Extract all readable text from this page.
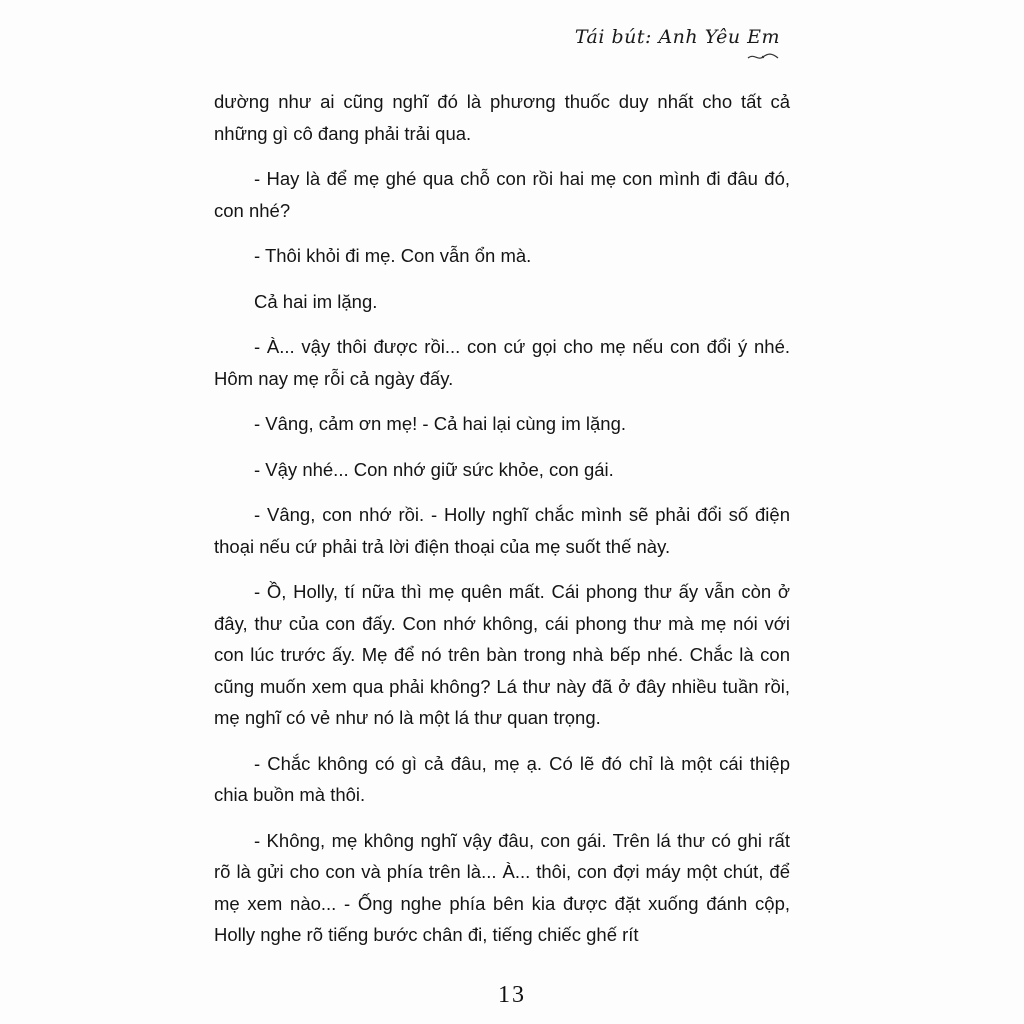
Tái bút: Anh Yêu Em

dường như ai cũng nghĩ đó là phương thuốc duy nhất cho tất cả những gì cô đang phải trải qua.

- Hay là để mẹ ghé qua chỗ con rồi hai mẹ con mình đi đâu đó, con nhé?

- Thôi khỏi đi mẹ. Con vẫn ổn mà.

Cả hai im lặng.

- À... vậy thôi được rồi... con cứ gọi cho mẹ nếu con đổi ý nhé. Hôm nay mẹ rỗi cả ngày đấy.

- Vâng, cảm ơn mẹ! - Cả hai lại cùng im lặng.

- Vậy nhé... Con nhớ giữ sức khỏe, con gái.

- Vâng, con nhớ rồi. - Holly nghĩ chắc mình sẽ phải đổi số điện thoại nếu cứ phải trả lời điện thoại của mẹ suốt thế này.

- Ồ, Holly, tí nữa thì mẹ quên mất. Cái phong thư ấy vẫn còn ở đây, thư của con đấy. Con nhớ không, cái phong thư mà mẹ nói với con lúc trước ấy. Mẹ để nó trên bàn trong nhà bếp nhé. Chắc là con cũng muốn xem qua phải không? Lá thư này đã ở đây nhiều tuần rồi, mẹ nghĩ có vẻ như nó là một lá thư quan trọng.

- Chắc không có gì cả đâu, mẹ ạ. Có lẽ đó chỉ là một cái thiệp chia buồn mà thôi.

- Không, mẹ không nghĩ vậy đâu, con gái. Trên lá thư có ghi rất rõ là gửi cho con và phía trên là... À... thôi, con đợi máy một chút, để mẹ xem nào... - Ống nghe phía bên kia được đặt xuống đánh cộp, Holly nghe rõ tiếng bước chân đi, tiếng chiếc ghế rít

13
